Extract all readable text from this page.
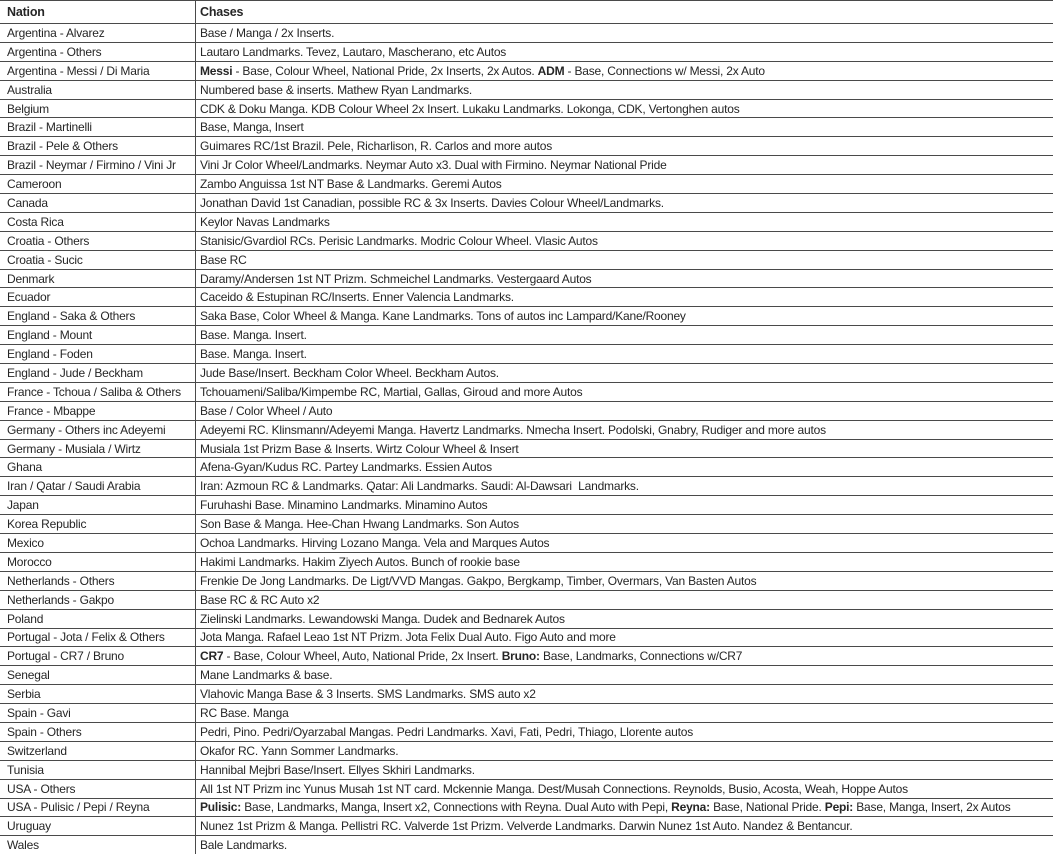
Nation	Chases
Argentina - Alvarez	Base / Manga / 2x Inserts.
Argentina - Others	Lautaro Landmarks. Tevez, Lautaro, Mascherano, etc Autos
Argentina - Messi / Di Maria	Messi - Base, Colour Wheel, National Pride, 2x Inserts, 2x Autos. ADM - Base, Connections w/ Messi, 2x Auto
Australia	Numbered base & inserts. Mathew Ryan Landmarks.
Belgium	CDK & Doku Manga. KDB Colour Wheel 2x Insert. Lukaku Landmarks. Lokonga, CDK, Vertonghen autos
Brazil - Martinelli	Base, Manga, Insert
Brazil - Pele & Others	Guimares RC/1st Brazil. Pele, Richarlison, R. Carlos and more autos
Brazil - Neymar / Firmino / Vini Jr	Vini Jr Color Wheel/Landmarks. Neymar Auto x3. Dual with Firmino. Neymar National Pride
Cameroon	Zambo Anguissa 1st NT Base & Landmarks. Geremi Autos
Canada	Jonathan David 1st Canadian, possible RC & 3x Inserts. Davies Colour Wheel/Landmarks.
Costa Rica	Keylor Navas Landmarks
Croatia - Others	Stanisic/Gvardiol RCs. Perisic Landmarks. Modric Colour Wheel. Vlasic Autos
Croatia - Sucic	Base RC
Denmark	Daramy/Andersen 1st NT Prizm. Schmeichel Landmarks. Vestergaard Autos
Ecuador	Caceido & Estupinan RC/Inserts. Enner Valencia Landmarks.
England - Saka & Others	Saka Base, Color Wheel & Manga. Kane Landmarks. Tons of autos inc Lampard/Kane/Rooney
England - Mount	Base. Manga. Insert.
England - Foden	Base. Manga. Insert.
England - Jude / Beckham	Jude Base/Insert. Beckham Color Wheel. Beckham Autos.
France - Tchoua / Saliba & Others	Tchouameni/Saliba/Kimpembe RC, Martial, Gallas, Giroud and more Autos
France - Mbappe	Base / Color Wheel / Auto
Germany - Others inc Adeyemi	Adeyemi RC. Klinsmann/Adeyemi Manga. Havertz Landmarks. Nmecha Insert. Podolski, Gnabry, Rudiger and more autos
Germany - Musiala / Wirtz	Musiala 1st Prizm Base & Inserts. Wirtz Colour Wheel & Insert
Ghana	Afena-Gyan/Kudus RC. Partey Landmarks. Essien Autos
Iran / Qatar / Saudi Arabia	Iran: Azmoun RC & Landmarks. Qatar: Ali Landmarks. Saudi: Al-Dawsari  Landmarks.
Japan	Furuhashi Base. Minamino Landmarks. Minamino Autos
Korea Republic	Son Base & Manga. Hee-Chan Hwang Landmarks. Son Autos
Mexico	Ochoa Landmarks. Hirving Lozano Manga. Vela and Marques Autos
Morocco	Hakimi Landmarks. Hakim Ziyech Autos. Bunch of rookie base
Netherlands - Others	Frenkie De Jong Landmarks. De Ligt/VVD Mangas. Gakpo, Bergkamp, Timber, Overmars, Van Basten Autos
Netherlands - Gakpo	Base RC & RC Auto x2
Poland	Zielinski Landmarks. Lewandowski Manga. Dudek and Bednarek Autos
Portugal - Jota / Felix & Others	Jota Manga. Rafael Leao 1st NT Prizm. Jota Felix Dual Auto. Figo Auto and more
Portugal - CR7 / Bruno	CR7 - Base, Colour Wheel, Auto, National Pride, 2x Insert. Bruno: Base, Landmarks, Connections w/CR7
Senegal	Mane Landmarks & base.
Serbia	Vlahovic Manga Base & 3 Inserts. SMS Landmarks. SMS auto x2
Spain - Gavi	RC Base. Manga
Spain - Others	Pedri, Pino. Pedri/Oyarzabal Mangas. Pedri Landmarks. Xavi, Fati, Pedri, Thiago, Llorente autos
Switzerland	Okafor RC. Yann Sommer Landmarks.
Tunisia	Hannibal Mejbri Base/Insert. Ellyes Skhiri Landmarks.
USA - Others	All 1st NT Prizm inc Yunus Musah 1st NT card. Mckennie Manga. Dest/Musah Connections. Reynolds, Busio, Acosta, Weah, Hoppe Autos
USA - Pulisic / Pepi / Reyna	Pulisic: Base, Landmarks, Manga, Insert x2, Connections with Reyna. Dual Auto with Pepi, Reyna: Base, National Pride. Pepi: Base, Manga, Insert, 2x Autos
Uruguay	Nunez 1st Prizm & Manga. Pellistri RC. Valverde 1st Prizm. Velverde Landmarks. Darwin Nunez 1st Auto. Nandez & Bentancur.
Wales	Bale Landmarks.
